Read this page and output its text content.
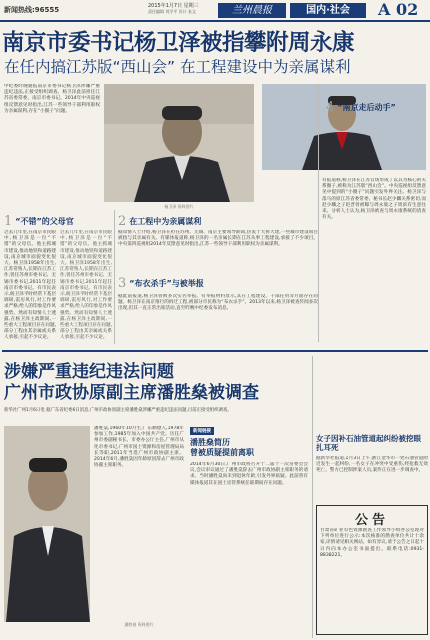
新闻热线:96555	2015年1月7日 星期三
责任编辑 刘学平 设计 张文	兰州晨报	国内·社会	A 02
南京市委书记杨卫泽被指攀附周永康
在任内搞江苏版“西山会” 在工程建设中为亲属谋利
中纪委昨晚通报南京市委书记杨卫泽涉嫌严重违纪违法,正接受组织调查。杨卫泽此前担任江苏省委常委、南京市委书记。2014年中央巡视组反馈意见时指出,江苏一些领导干部利用职权为亲属谋利,存在“小圈子”问题。
杨卫泽 资料图片
4 “南京走后动手”
有报道称,杨卫泽在江苏官场形成了以其为核心的关系圈子,被称为江苏版“西山会”。中央巡视组反馈意见中提到的“小圈子”问题引发外界关注。杨卫泽与落马的原江苏省委常委、秘书长赵少麟关系密切,而赵少麟之子赵晋曾被曝与周永康之子周滨有生意往来。分析人士认为,杨卫泽被查与周永康系统的清查有关。
1 “不错”的父母官
过去几年里,在南京市民眼中,杨卫泽是一位“不错”的父母官。他主抓城市建设,推动地铁和道路建设,南京城市面貌变化很大。杨卫泽1958年出生,江苏常熟人,长期在江苏工作,曾任苏州市委书记、无锡市委书记,2011年起任南京市委书记。有市民表示,杨卫泽平时经常下基层调研,雷厉风行,对工作要求严格,给人的印象是作风强势。然而有知情人士透露,在杨卫泽主政期间,一些重大工程项目存在问题,部分工程由其亲属或关系人承接,引起不少议论。
过去几年里,在南京市民眼中,杨卫泽是一位“不错”的父母官。他主抓城市建设,推动地铁和道路建设,南京城市面貌变化很大。杨卫泽1958年出生,江苏常熟人,长期在江苏工作,曾任苏州市委书记、无锡市委书记,2011年起任南京市委书记。有市民表示,杨卫泽平时经常下基层调研,雷厉风行,对工作要求严格,给人的印象是作风强势。然而有知情人士透露,在杨卫泽主政期间,一些重大工程项目存在问题,部分工程由其亲属或关系人承接,引起不少议论。
2 在工程中为亲属谋利
据知情人士介绍,杨卫泽在担任苏州、无锡、南京主要领导期间,热衷于大拆大建,一些城市建设项目被指与其亲属有关。有媒体报道称,杨卫泽的一名亲属长期在江苏从事工程建设,承接了不少项目。中央第四巡视组2014年反馈意见时指出,江苏一些领导干部利用职权为亲属谋利。
3 “布衣杀手”与被举报
据此前报道,杨卫泽曾被多次实名举报。有举报材料显示,其在工程建设、干部任用等方面存在问题。杨卫泽在南京推行的拆迁工程,被部分市民称为“布衣杀手”。2013年以来,杨卫泽被查传闻多次出现,但其一直正常出席活动,直至昨晚中纪委发布消息。
涉嫌严重违纪违法问题
广州市政协原副主席潘胜燊被调查
新华社广州1月6日电 据广东省纪委6日消息,广州市政协原副主席潘胜燊涉嫌严重违纪违法问题,目前正接受组织调查。
潘胜燊 资料图片
潘胜燊,1960年10月生,广东顺德人,1978年参加工作,1985年加入中国共产党。历任广州市委副秘书长、市委办公厅主任,广州市从化市委书记,广州市国土资源和房屋管理局局长等职,2011年当选广州市政协副主席。2014年6月,潘胜燊因年龄原因辞去广州市政协副主席职务。
新闻链接
潘胜燊简历
曾被质疑提前离职
2014年6月30日,广州市政协召开十二届十一次常委会会议,会议审议通过了潘胜燊辞去广州市政协副主席职务的请求。当时潘胜燊尚未到退休年龄,引发外界质疑。此前曾有媒体报道其在国土房管系统任职期间存在问题。
女子因补石油管道起纠纷被挖眼扎耳死
据新华社报道,1月3日上午,浙江金华市一处石油管道附近发生一起纠纷,一名女子在冲突中受重伤,经抢救无效死亡。警方已控制涉案人员,案件正在进一步调查中。
公告
甘肃省矿业有色资源勘查工作领导小组办公室现对下列单位进行公示:本次核准的勘查单位共计十余家,详情请见相关网站。如有异议,请于公告之日起十日内向本办公室书面提出。联系电话:0931-8838221。
